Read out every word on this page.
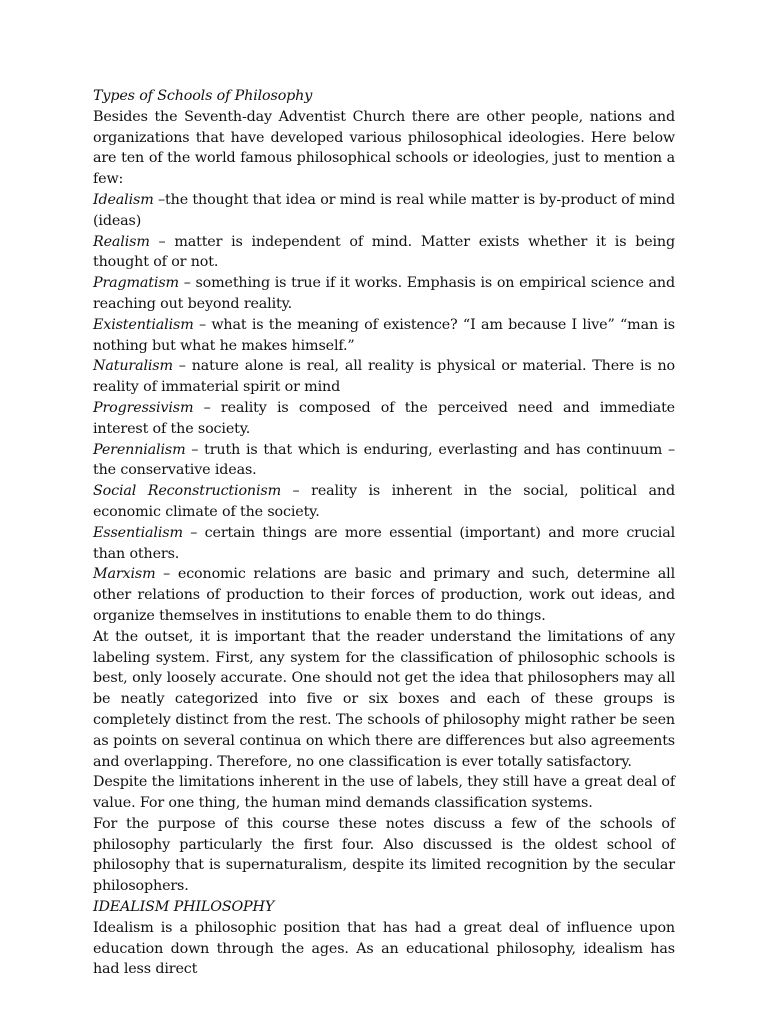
Types of Schools of Philosophy

Besides the Seventh-day Adventist Church there are other people, nations and organizations that have developed various philosophical ideologies. Here below are ten of the world famous philosophical schools or ideologies, just to mention a few:

Idealism –the thought that idea or mind is real while matter is by-product of mind (ideas)

Realism – matter is independent of mind. Matter exists whether it is being thought of or not.

Pragmatism – something is true if it works. Emphasis is on empirical science and reaching out beyond reality.

Existentialism – what is the meaning of existence? “I am because I live” “man is nothing but what he makes himself.”

Naturalism – nature alone is real, all reality is physical or material. There is no reality of immaterial spirit or mind

Progressivism – reality is composed of the perceived need and immediate interest of the society.

Perennialism – truth is that which is enduring, everlasting and has continuum – the conservative ideas.

Social Reconstructionism – reality is inherent in the social, political and economic climate of the society.

Essentialism – certain things are more essential (important) and more crucial than others.

Marxism – economic relations are basic and primary and such, determine all other relations of production to their forces of production, work out ideas, and organize themselves in institutions to enable them to do things.

At the outset, it is important that the reader understand the limitations of any labeling system. First, any system for the classification of philosophic schools is best, only loosely accurate. One should not get the idea that philosophers may all be neatly categorized into five or six boxes and each of these groups is completely distinct from the rest. The schools of philosophy might rather be seen as points on several continua on which there are differences but also agreements and overlapping. Therefore, no one classification is ever totally satisfactory.

Despite the limitations inherent in the use of labels, they still have a great deal of value. For one thing, the human mind demands classification systems.

For the purpose of this course these notes discuss a few of the schools of philosophy particularly the first four. Also discussed is the oldest school of philosophy that is supernaturalism, despite its limited recognition by the secular philosophers.

IDEALISM PHILOSOPHY

Idealism is a philosophic position that has had a great deal of influence upon education down through the ages. As an educational philosophy, idealism has had less direct
